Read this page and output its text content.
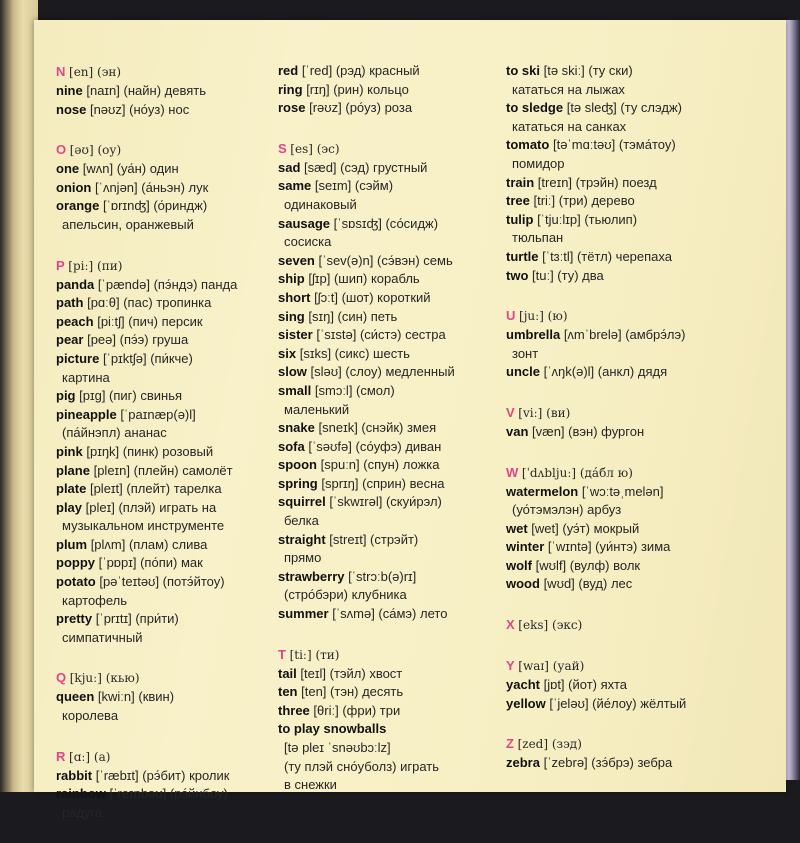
N [en] (эн)
nine [naɪn] (найн) девять
nose [nəʊz] (но́уз) нос
O [əʊ] (оу)
one [wʌn] (уа́н) один
onion [ˈʌnjən] (а́ньэн) лук
orange [ˈɒrɪnʤ] (о́риндж)
апельсин, оранжевый
P [piː] (пи)
panda [ˈpændə] (пэ́ндэ) панда
path [pɑːθ] (пас) тропинка
peach [piːtʃ] (пич) персик
pear [peə] (пэ́э) груша
picture [ˈpɪktʃə] (пи́кче)
картина
pig [pɪɡ] (пиг) свинья
pineapple [ˈpaɪnæp(ə)l]
(па́йнэпл) ананас
pink [pɪŋk] (пинк) розовый
plane [pleɪn] (плейн) самолёт
plate [pleɪt] (плейт) тарелка
play [pleɪ] (плэй) играть на
музыкальном инструменте
plum [plʌm] (плам) слива
poppy [ˈpɒpɪ] (по́пи) мак
potato [pəˈteɪtəʊ] (потэ́йтоу)
картофель
pretty [ˈprɪtɪ] (при́ти)
симпатичный
Q [kjuː] (кью)
queen [kwiːn] (квин)
королева
R [ɑː] (а)
rabbit [ˈræbɪt] (рэ́бит) кролик
rainbow [ˈreɪnbəʊ] (рэ́йнбоу)
радуга
red [ˈred] (рэд) красный
ring [rɪŋ] (рин) кольцо
rose [rəʊz] (ро́уз) роза
S [es] (эс)
sad [sæd] (сэд) грустный
same [seɪm] (сэйм)
одинаковый
sausage [ˈsɒsɪʤ] (со́сидж)
сосиска
seven [ˈsev(ə)n] (сэ́вэн) семь
ship [ʃɪp] (шип) корабль
short [ʃɔːt] (шот) короткий
sing [sɪŋ] (син) петь
sister [ˈsɪstə] (си́стэ) сестра
six [sɪks] (сикс) шесть
slow [sləʊ] (слоу) медленный
small [smɔːl] (смол)
маленький
snake [sneɪk] (снэйк) змея
sofa [ˈsəʊfə] (со́уфэ) диван
spoon [spuːn] (спун) ложка
spring [sprɪŋ] (сприн) весна
squirrel [ˈskwɪrəl] (скуи́рэл)
белка
straight [streɪt] (стрэйт)
прямо
strawberry [ˈstrɔːb(ə)rɪ]
(стро́бэри) клубника
summer [ˈsʌmə] (са́мэ) лето
T [tiː] (ти)
tail [teɪl] (тэйл) хвост
ten [ten] (тэн) десять
three [θriː] (фри) три
to play snowballs
[tə pleɪ ˈsnəʊbɔːlz]
(ту плэй сно́уболз) играть
в снежки
to ski [tə skiː] (ту ски)
кататься на лыжах
to sledge [tə sleʤ] (ту слэдж)
кататься на санках
tomato [təˈmɑːtəʊ] (тэма́тоу)
помидор
train [treɪn] (трэйн) поезд
tree [triː] (три) дерево
tulip [ˈtjuːlɪp] (тьюлип)
тюльпан
turtle [ˈtɜːtl] (тётл) черепаха
two [tuː] (ту) два
U [juː] (ю)
umbrella [ʌmˈbrelə] (амбрэ́лэ)
зонт
uncle [ˈʌŋk(ə)l] (анкл) дядя
V [viː] (ви)
van [væn] (вэн) фургон
W [ˈdʌbljuː] (дáбл ю)
watermelon [ˈwɔːtəˌmelən]
(уо́тэмэлэн) арбуз
wet [wet] (уэ́т) мокрый
winter [ˈwɪntə] (уи́нтэ) зима
wolf [wʊlf] (вулф) волк
wood [wʊd] (вуд) лес
X [eks] (экс)
Y [waɪ] (уай)
yacht [jɒt] (йот) яхта
yellow [ˈjeləʊ] (йе́лоу) жёлтый
Z [zed] (зэд)
zebra [ˈzebrə] (зэ́брэ) зебра
